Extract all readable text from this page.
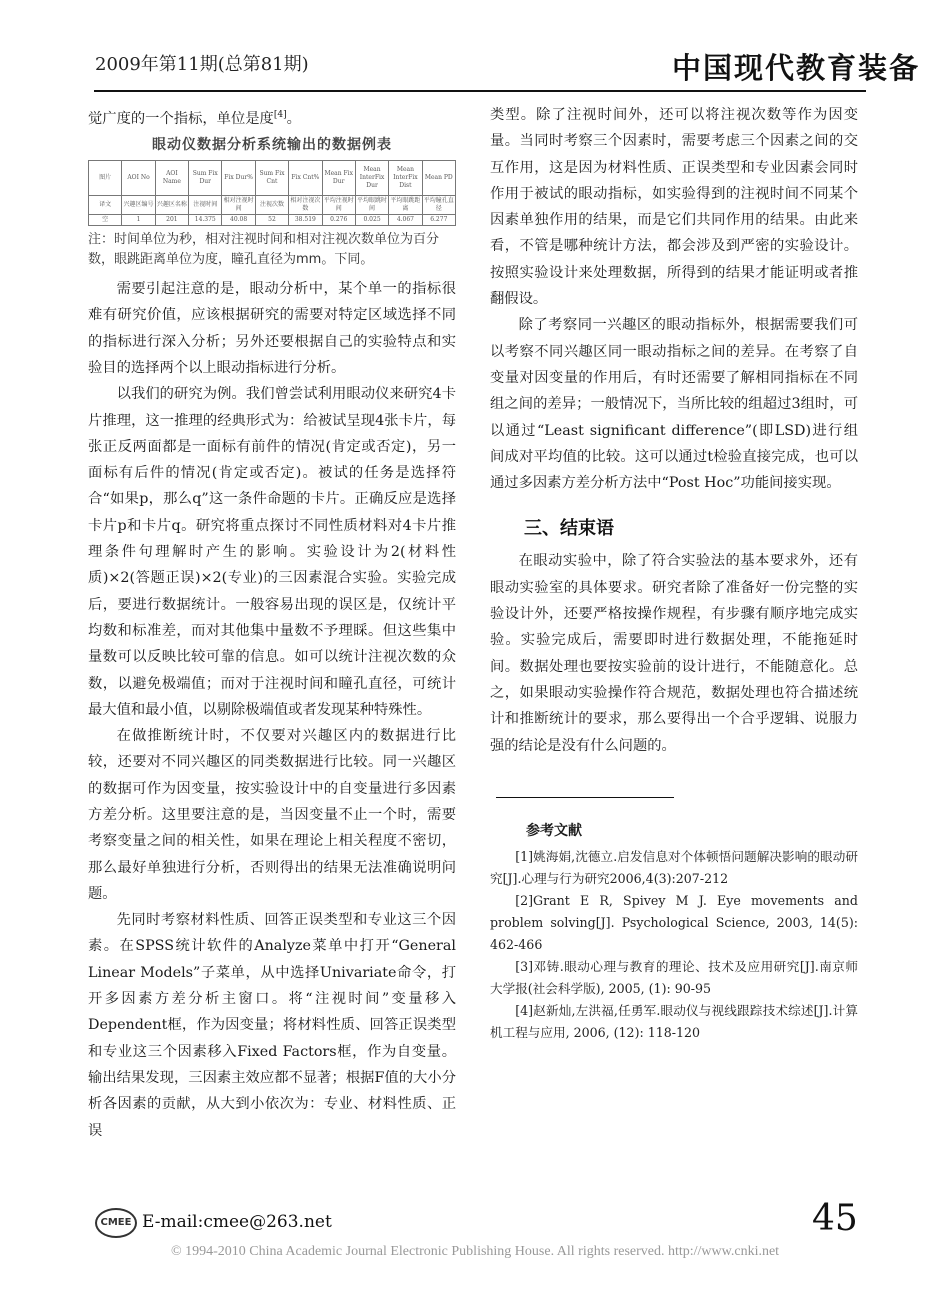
2009年第11期(总第81期)	中国现代教育装备

觉广度的一个指标，单位是度[4]。

眼动仪数据分析系统输出的数据例表
图片	AOI No	AOI Name	Sum Fix Dur	Fix Dur%	Sum Fix Cnt	Fix Cnt%	Mean Fix Dur	Mean InterFix Dur	Mean InterFix Dist	Mean PD
译文	兴趣区编号	兴趣区名称	注视时间	相对注视时间	注视次数	相对注视次数	平均注视时间	平均眼跳时间	平均眼跳距离	平均瞳孔直径
空	1	201	14.375	40.08	52	38.519	0.276	0.025	4.067	6.277
注：时间单位为秒，相对注视时间和相对注视次数单位为百分数，眼跳距离单位为度，瞳孔直径为mm。下同。

需要引起注意的是，眼动分析中，某个单一的指标很难有研究价值，应该根据研究的需要对特定区域选择不同的指标进行深入分析；另外还要根据自己的实验特点和实验目的选择两个以上眼动指标进行分析。

以我们的研究为例。我们曾尝试利用眼动仪来研究4卡片推理，这一推理的经典形式为：给被试呈现4张卡片，每张正反两面都是一面标有前件的情况(肯定或否定)，另一面标有后件的情况(肯定或否定)。被试的任务是选择符合“如果p，那么q”这一条件命题的卡片。正确反应是选择卡片p和卡片q。研究将重点探讨不同性质材料对4卡片推理条件句理解时产生的影响。实验设计为2(材料性质)×2(答题正误)×2(专业)的三因素混合实验。实验完成后，要进行数据统计。一般容易出现的误区是，仅统计平均数和标准差，而对其他集中量数不予理睬。但这些集中量数可以反映比较可靠的信息。如可以统计注视次数的众数，以避免极端值；而对于注视时间和瞳孔直径，可统计最大值和最小值，以剔除极端值或者发现某种特殊性。

在做推断统计时，不仅要对兴趣区内的数据进行比较，还要对不同兴趣区的同类数据进行比较。同一兴趣区的数据可作为因变量，按实验设计中的自变量进行多因素方差分析。这里要注意的是，当因变量不止一个时，需要考察变量之间的相关性，如果在理论上相关程度不密切，那么最好单独进行分析，否则得出的结果无法准确说明问题。

先同时考察材料性质、回答正误类型和专业这三个因素。在SPSS统计软件的Analyze菜单中打开“General Linear Models”子菜单，从中选择Univariate命令，打开多因素方差分析主窗口。将“注视时间”变量移入Dependent框，作为因变量；将材料性质、回答正误类型和专业这三个因素移入Fixed Factors框，作为自变量。输出结果发现，三因素主效应都不显著；根据F值的大小分析各因素的贡献，从大到小依次为：专业、材料性质、正误

类型。除了注视时间外，还可以将注视次数等作为因变量。当同时考察三个因素时，需要考虑三个因素之间的交互作用，这是因为材料性质、正误类型和专业因素会同时作用于被试的眼动指标，如实验得到的注视时间不同某个因素单独作用的结果，而是它们共同作用的结果。由此来看，不管是哪种统计方法，都会涉及到严密的实验设计。按照实验设计来处理数据，所得到的结果才能证明或者推翻假设。

除了考察同一兴趣区的眼动指标外，根据需要我们可以考察不同兴趣区同一眼动指标之间的差异。在考察了自变量对因变量的作用后，有时还需要了解相同指标在不同组之间的差异；一般情况下，当所比较的组超过3组时，可以通过“Least significant difference”(即LSD)进行组间成对平均值的比较。这可以通过t检验直接完成，也可以通过多因素方差分析方法中“Post Hoc”功能间接实现。

三、结束语

在眼动实验中，除了符合实验法的基本要求外，还有眼动实验室的具体要求。研究者除了准备好一份完整的实验设计外，还要严格按操作规程，有步骤有顺序地完成实验。实验完成后，需要即时进行数据处理，不能拖延时间。数据处理也要按实验前的设计进行，不能随意化。总之，如果眼动实验操作符合规范，数据处理也符合描述统计和推断统计的要求，那么要得出一个合乎逻辑、说服力强的结论是没有什么问题的。

参考文献

[1]姚海娟,沈德立.启发信息对个体顿悟问题解决影响的眼动研究[J].心理与行为研究2006,4(3):207-212

[2]Grant E R, Spivey M J. Eye movements and problem solving[J]. Psychological Science, 2003, 14(5): 462-466

[3]邓铸.眼动心理与教育的理论、技术及应用研究[J].南京师大学报(社会科学版), 2005, (1): 90-95

[4]赵新灿,左洪福,任勇军.眼动仪与视线跟踪技术综述[J].计算机工程与应用, 2006, (12): 118-120

CMEE E-mail:cmee@263.net	45
© 1994-2010 China Academic Journal Electronic Publishing House. All rights reserved. http://www.cnki.net
